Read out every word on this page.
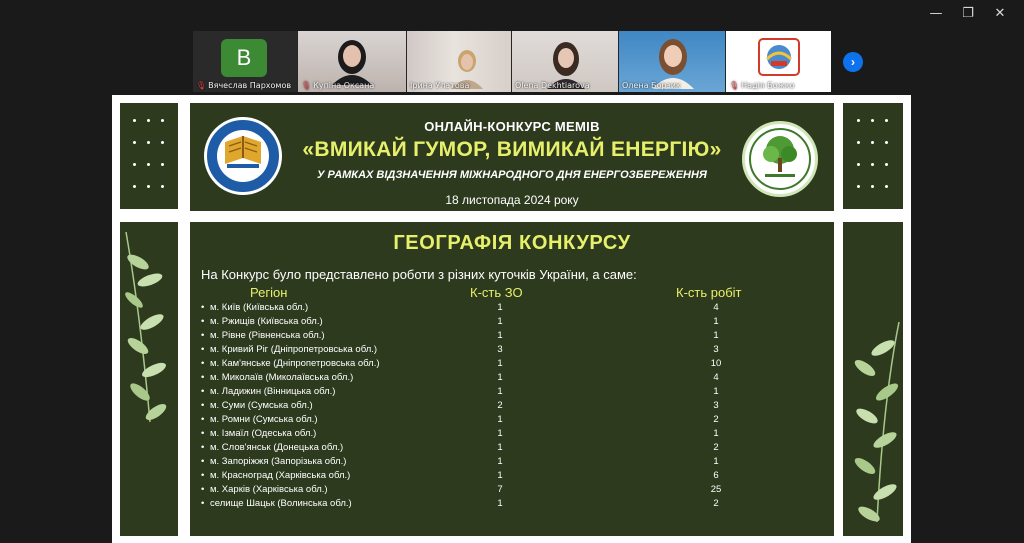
—	❐	✕
B
🎙 Вячеслав Пархомов 🎙 Купіна Оксана	Ірина Улатова	Olena Dekhtiarova	Олена Борзик	🎙 Надія Божко
›
ОНЛАЙН-КОНКУРС МЕМІВ
«ВМИКАЙ ГУМОР, ВИМИКАЙ ЕНЕРГІЮ»
У РАМКАХ ВІДЗНАЧЕННЯ МІЖНАРОДНОГО ДНЯ ЕНЕРГОЗБЕРЕЖЕННЯ
18 листопада 2024 року
ГЕОГРАФІЯ КОНКУРСУ
На Конкурс було представлено роботи з різних куточків України, а саме:
Регіон	К-сть ЗО	К-сть робіт
• м. Київ (Київська обл.)	1	4
• м. Ржищів (Київська обл.)	1	1
• м. Рівне (Рівненська обл.)	1	1
• м. Кривий Ріг (Дніпропетровська обл.)	3	3
• м. Кам'янське (Дніпропетровська обл.)	1	10
• м. Миколаїв (Миколаївська обл.)	1	4
• м. Ладижин (Вінницька обл.)	1	1
• м. Суми (Сумська обл.)	2	3
• м. Ромни (Сумська обл.)	1	2
• м. Ізмаїл (Одеська обл.)	1	1
• м. Слов'янськ (Донецька обл.)	1	2
• м. Запоріжжя (Запорізька обл.)	1	1
• м. Красноград (Харківська обл.)	1	6
• м. Харків (Харківська обл.)	7	25
• селище Шацьк (Волинська обл.)	1	2
